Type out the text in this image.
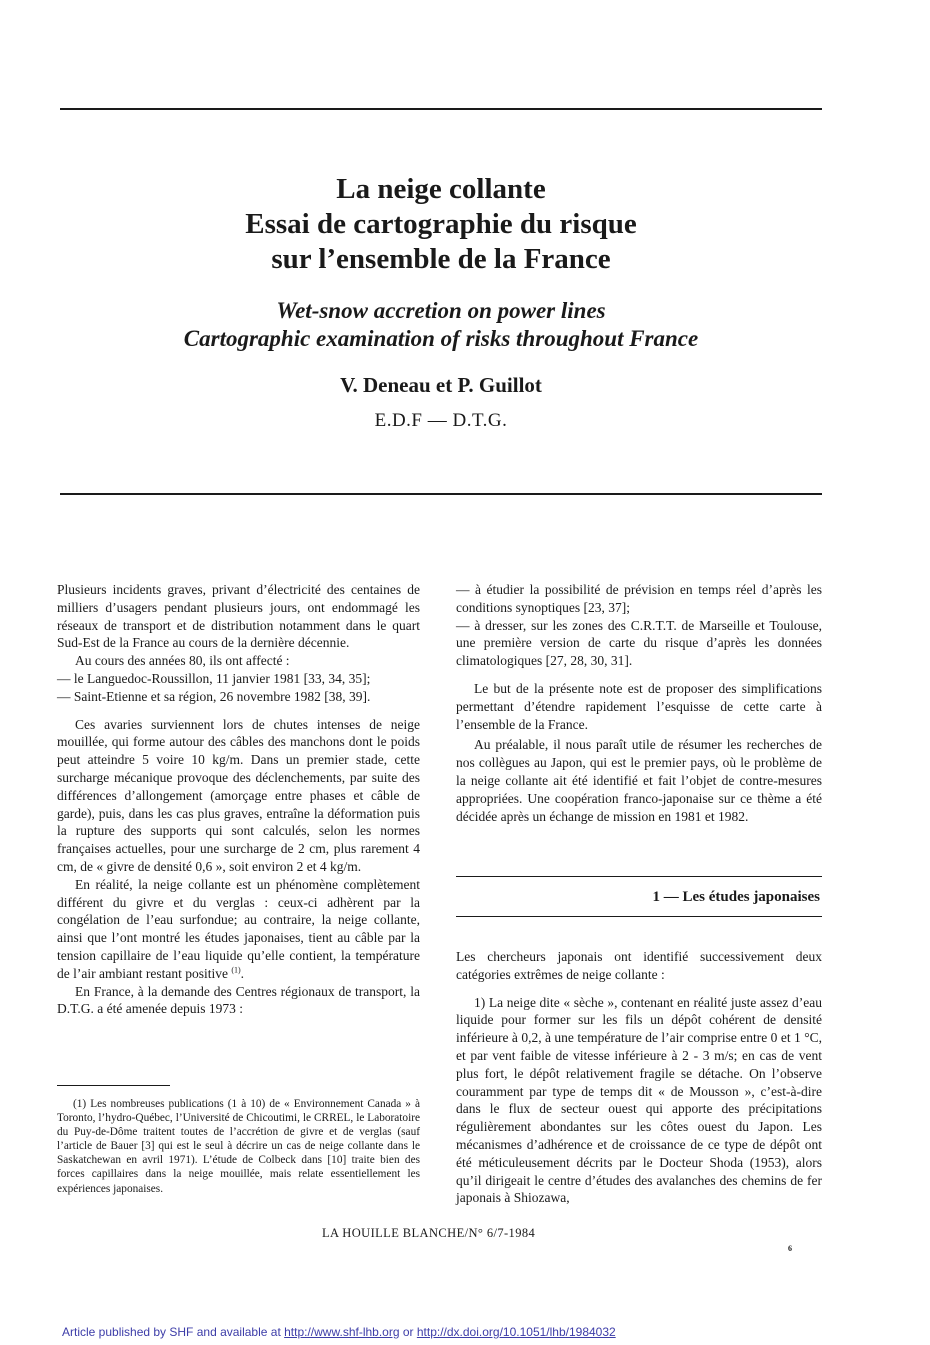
La neige collante
Essai de cartographie du risque
sur l’ensemble de la France
Wet-snow accretion on power lines
Cartographic examination of risks throughout France
V. Deneau et P. Guillot
E.D.F — D.T.G.

Plusieurs incidents graves, privant d’électricité des centaines de milliers d’usagers pendant plusieurs jours, ont endommagé les réseaux de transport et de distribution notamment dans le quart Sud-Est de la France au cours de la dernière décennie.

Au cours des années 80, ils ont affecté :

— le Languedoc-Roussillon, 11 janvier 1981 [33, 34, 35];

— Saint-Etienne et sa région, 26 novembre 1982 [38, 39].

Ces avaries surviennent lors de chutes intenses de neige mouillée, qui forme autour des câbles des manchons dont le poids peut atteindre 5 voire 10 kg/m. Dans un premier stade, cette surcharge mécanique provoque des déclenchements, par suite des différences d’allongement (amorçage entre phases et câble de garde), puis, dans les cas plus graves, entraîne la déformation puis la rupture des supports qui sont calculés, selon les normes françaises actuelles, pour une surcharge de 2 cm, plus rarement 4 cm, de « givre de densité 0,6 », soit environ 2 et 4 kg/m.

En réalité, la neige collante est un phénomène complètement différent du givre et du verglas : ceux-ci adhèrent par la congélation de l’eau surfondue; au contraire, la neige collante, ainsi que l’ont montré les études japonaises, tient au câble par la tension capillaire de l’eau liquide qu’elle contient, la température de l’air ambiant restant positive $^{(1)}$.

En France, à la demande des Centres régionaux de transport, la D.T.G. a été amenée depuis 1973 :

(1) Les nombreuses publications (1 à 10) de « Environnement Canada » à Toronto, l’hydro-Québec, l’Université de Chicoutimi, le CRREL, le Laboratoire du Puy-de-Dôme traitent toutes de l’accrétion de givre et de verglas (sauf l’article de Bauer [3] qui est le seul à décrire un cas de neige collante dans le Saskatchewan en avril 1971). L’étude de Colbeck dans [10] traite bien des forces capillaires dans la neige mouillée, mais relate essentiellement les expériences japonaises.

— à étudier la possibilité de prévision en temps réel d’après les conditions synoptiques [23, 37];

— à dresser, sur les zones des C.R.T.T. de Marseille et Toulouse, une première version de carte du risque d’après les données climatologiques [27, 28, 30, 31].

Le but de la présente note est de proposer des simplifications permettant d’étendre rapidement l’esquisse de cette carte à l’ensemble de la France.

Au préalable, il nous paraît utile de résumer les recherches de nos collègues au Japon, qui est le premier pays, où le problème de la neige collante ait été identifié et fait l’objet de contre-mesures appropriées. Une coopération franco-japonaise sur ce thème a été décidée après un échange de mission en 1981 et 1982.

1 — Les études japonaises

Les chercheurs japonais ont identifié successivement deux catégories extrêmes de neige collante :

1) La neige dite « sèche », contenant en réalité juste assez d’eau liquide pour former sur les fils un dépôt cohérent de densité inférieure à 0,2, à une température de l’air comprise entre 0 et 1 °C, et par vent faible de vitesse inférieure à 2 - 3 m/s; en cas de vent plus fort, le dépôt relativement fragile se détache. On l’observe couramment par type de temps dit « de Mousson », c’est-à-dire dans le flux de secteur ouest qui apporte des précipitations régulièrement abondantes sur les côtes ouest du Japon. Les mécanismes d’adhérence et de croissance de ce type de dépôt ont été méticuleusement décrits par le Docteur Shoda (1953), alors qu’il dirigeait le centre d’études des avalanches des chemins de fer japonais à Shiozawa,

LA HOUILLE BLANCHE/N° 6/7-1984
6
Article published by SHF and available at http://www.shf-lhb.org or http://dx.doi.org/10.1051/lhb/1984032
